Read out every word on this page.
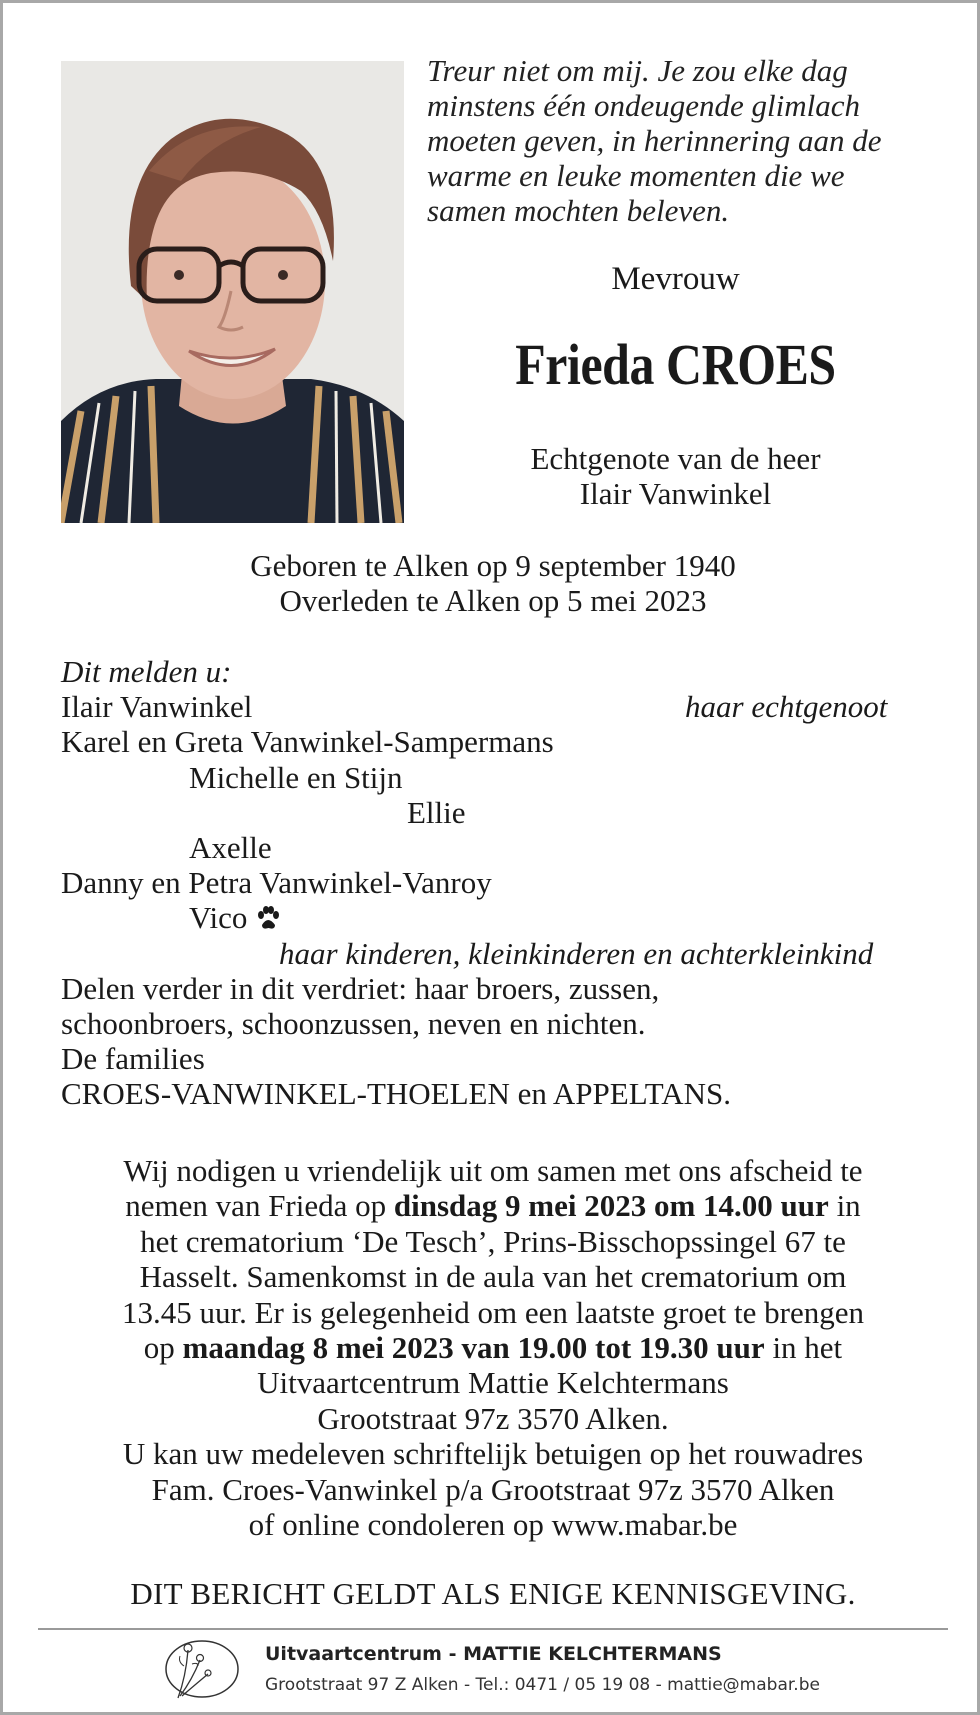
Treur niet om mij. Je zou elke dag
minstens één ondeugende glimlach
moeten geven, in herinnering aan de
warme en leuke momenten die we
samen mochten beleven.
Mevrouw
Frieda CROES
Echtgenote van de heer
Ilair Vanwinkel
Geboren te Alken op 9 september 1940
Overleden te Alken op 5 mei 2023
Dit melden u:
Ilair Vanwinkel	haar echtgenoot
Karel en Greta Vanwinkel-Sampermans
Michelle en Stijn
Ellie
Axelle
Danny en Petra Vanwinkel-Vanroy
Vico
haar kinderen, kleinkinderen en achterkleinkind
Delen verder in dit verdriet: haar broers, zussen,
schoonbroers, schoonzussen, neven en nichten.
De families
CROES-VANWINKEL-THOELEN en APPELTANS.
Wij nodigen u vriendelijk uit om samen met ons afscheid te
nemen van Frieda op dinsdag 9 mei 2023 om 14.00 uur in
het crematorium ‘De Tesch’, Prins-Bisschopssingel 67 te
Hasselt. Samenkomst in de aula van het crematorium om
13.45 uur. Er is gelegenheid om een laatste groet te brengen
op maandag 8 mei 2023 van 19.00 tot 19.30 uur in het
Uitvaartcentrum Mattie Kelchtermans
Grootstraat 97z 3570 Alken.
U kan uw medeleven schriftelijk betuigen op het rouwadres
Fam. Croes-Vanwinkel p/a Grootstraat 97z 3570 Alken
of online condoleren op www.mabar.be
DIT BERICHT GELDT ALS ENIGE KENNISGEVING.
Uitvaartcentrum - MATTIE KELCHTERMANS
Grootstraat 97 Z Alken - Tel.: 0471 / 05 19 08 - mattie@mabar.be
